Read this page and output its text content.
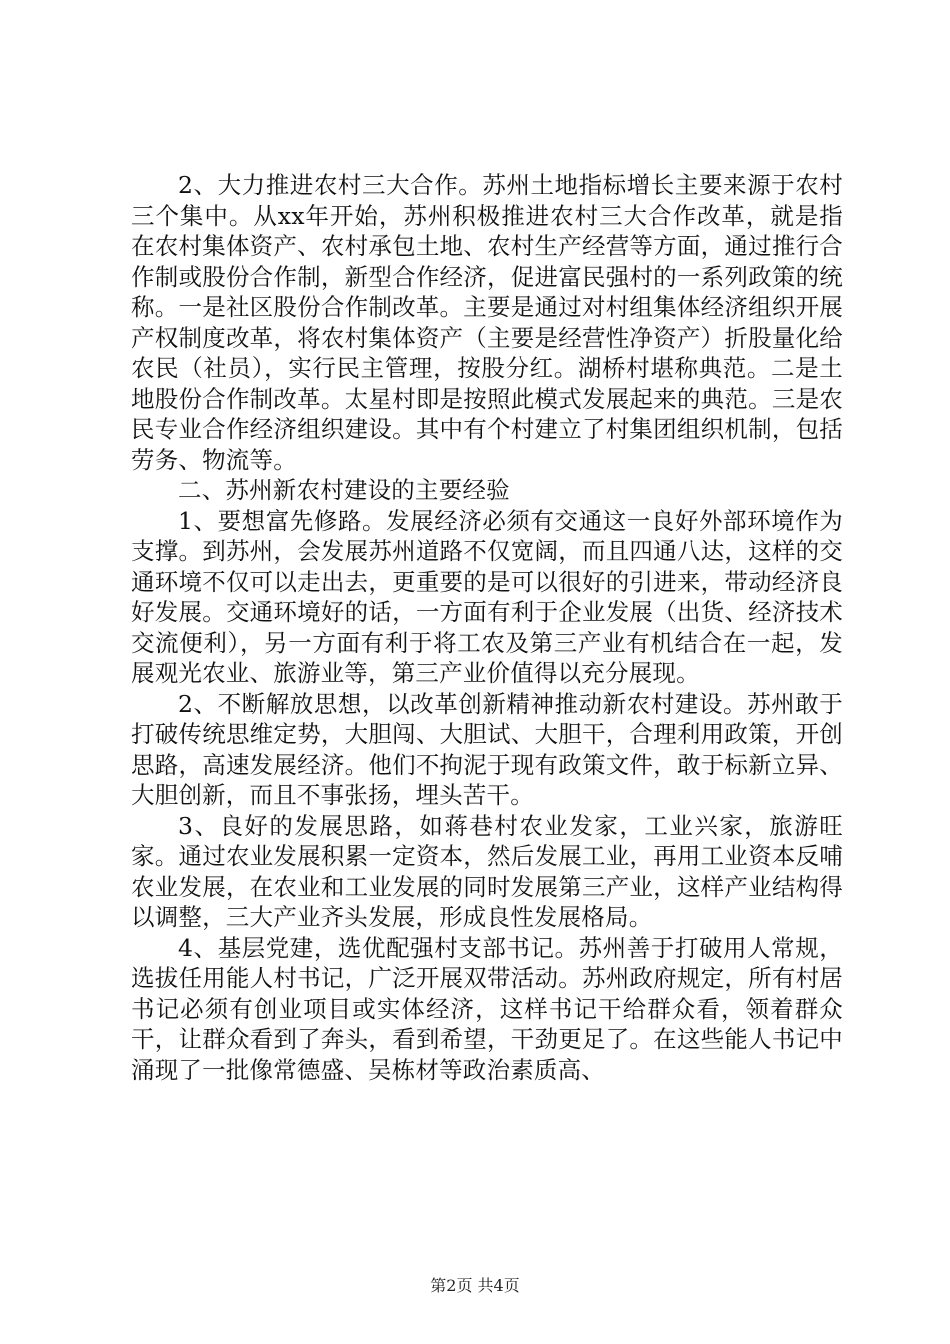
2、大力推进农村三大合作。苏州土地指标增长主要来源于农村三个集中。从xx年开始，苏州积极推进农村三大合作改革，就是指在农村集体资产、农村承包土地、农村生产经营等方面，通过推行合作制或股份合作制，新型合作经济，促进富民强村的一系列政策的统称。一是社区股份合作制改革。主要是通过对村组集体经济组织开展产权制度改革，将农村集体资产（主要是经营性净资产）折股量化给农民（社员），实行民主管理，按股分红。湖桥村堪称典范。二是土地股份合作制改革。太星村即是按照此模式发展起来的典范。三是农民专业合作经济组织建设。其中有个村建立了村集团组织机制，包括劳务、物流等。

二、苏州新农村建设的主要经验

1、要想富先修路。发展经济必须有交通这一良好外部环境作为支撑。到苏州，会发展苏州道路不仅宽阔，而且四通八达，这样的交通环境不仅可以走出去，更重要的是可以很好的引进来，带动经济良好发展。交通环境好的话，一方面有利于企业发展（出货、经济技术交流便利），另一方面有利于将工农及第三产业有机结合在一起，发展观光农业、旅游业等，第三产业价值得以充分展现。

2、不断解放思想，以改革创新精神推动新农村建设。苏州敢于打破传统思维定势，大胆闯、大胆试、大胆干，合理利用政策，开创思路，高速发展经济。他们不拘泥于现有政策文件，敢于标新立异、大胆创新，而且不事张扬，埋头苦干。

3、良好的发展思路，如蒋巷村农业发家，工业兴家，旅游旺家。通过农业发展积累一定资本，然后发展工业，再用工业资本反哺农业发展，在农业和工业发展的同时发展第三产业，这样产业结构得以调整，三大产业齐头发展，形成良性发展格局。

4、基层党建，选优配强村支部书记。苏州善于打破用人常规，选拔任用能人村书记，广泛开展双带活动。苏州政府规定，所有村居书记必须有创业项目或实体经济，这样书记干给群众看，领着群众干，让群众看到了奔头，看到希望，干劲更足了。在这些能人书记中涌现了一批像常德盛、吴栋材等政治素质高、

第2页 共4页
